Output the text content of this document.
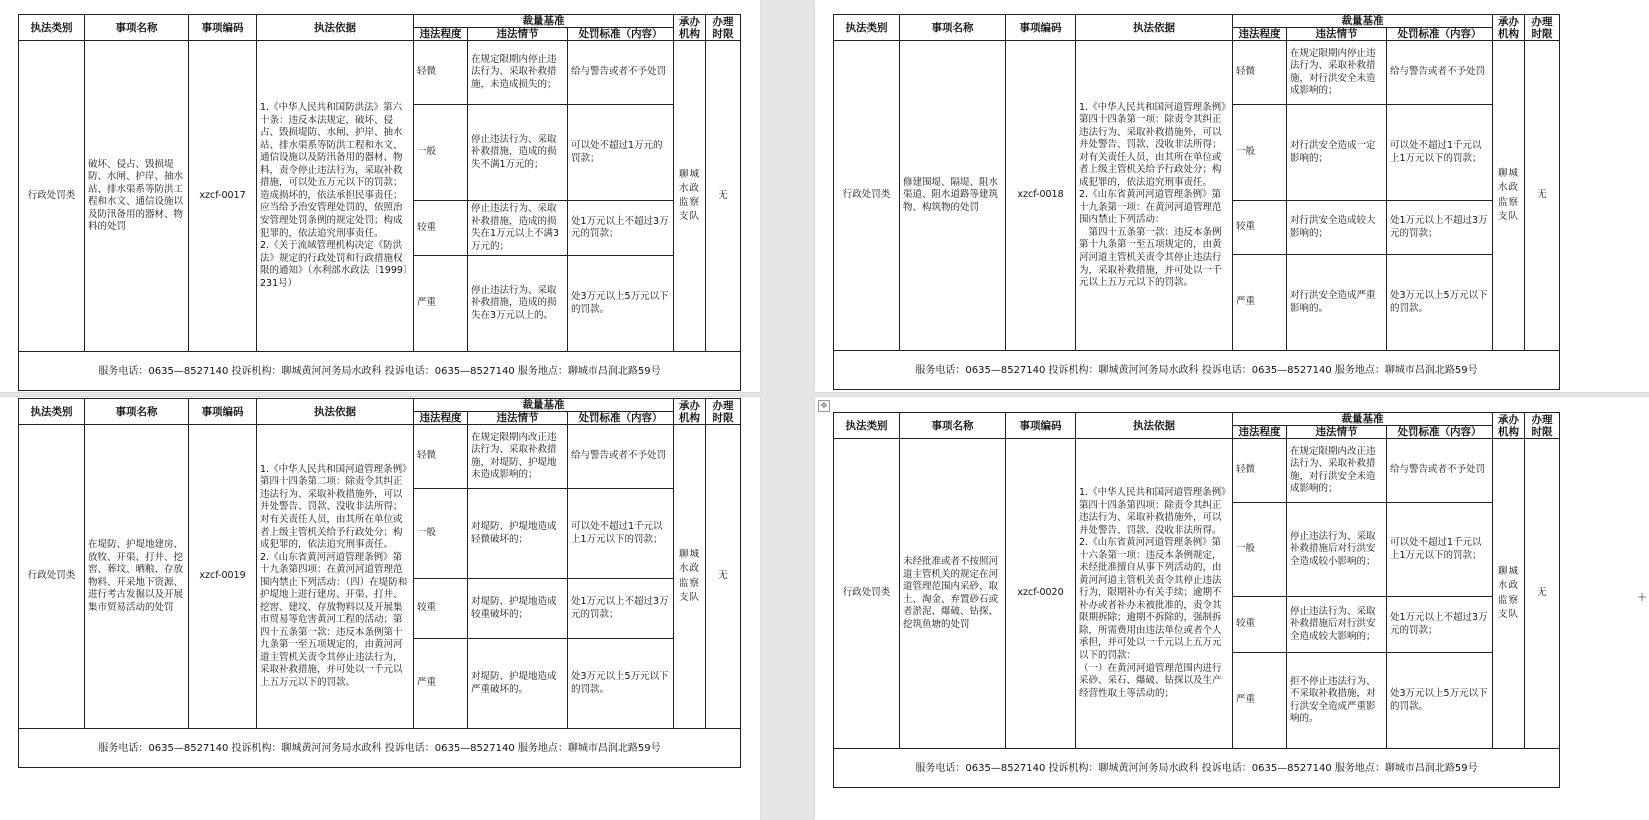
✥
+
执法类别	事项名称	事项编码	执法依据	裁量基准			承办机构	办理时限
				违法程度	违法情节	处罚标准（内容）		
行政处罚类	破坏、侵占、毁损堤防、水闸、护岸、抽水站、排水渠系等防洪工程和水文、通信设施以及防汛备用的器材、物料的处罚	xzcf-0017	1.《中华人民共和国防洪法》第六十条：违反本法规定，破坏、侵占、毁损堤防、水闸、护岸、抽水站、排水渠系等防洪工程和水文、通信设施以及防汛备用的器材、物料，责令停止违法行为，采取补救措施，可以处五万元以下的罚款；造成损坏的，依法承担民事责任；应当给予治安管理处罚的，依照治安管理处罚条例的规定处罚；构成犯罪的，依法追究刑事责任。

2.《关于流域管理机构决定《防洪法》规定的行政处罚和行政措施权限的通知》（水利部水政法〔1999〕231号）	轻微	在规定限期内停止违法行为、采取补救措施，未造成损失的；	给与警告或者不予处罚	聊城水政监察支队	无
				一般	停止违法行为、采取补救措施，造成的损失不满1万元的；	可以处不超过1万元的罚款；		
				较重	停止违法行为、采取补救措施，造成的损失在1万元以上不满3万元的；	处1万元以上不超过3万元的罚款；		
				严重	停止违法行为、采取补救措施，造成的损失在3万元以上的。	处3万元以上5万元以下的罚款。		
服务电话：0635—8527140 投诉机构：聊城黄河河务局水政科 投诉电话：0635—8527140 服务地点：聊城市昌润北路59号								
执法类别	事项名称	事项编码	执法依据	裁量基准			承办机构	办理时限
				违法程度	违法情节	处罚标准（内容）		
行政处罚类	修建围堤、隔堤、阻水渠道、阻水道路等建筑物、构筑物的处罚	xzcf-0018	1.《中华人民共和国河道管理条例》第四十四条第一项：除责令其纠正违法行为、采取补救措施外，可以并处警告、罚款、没收非法所得；对有关责任人员，由其所在单位或者上级主管机关给予行政处分；构成犯罪的，依法追究刑事责任。

2.《山东省黄河河道管理条例》第十九条第一项：在黄河河道管理范围内禁止下列活动：

　第四十五条第一款：违反本条例第十九条第一至五项规定的，由黄河河道主管机关责令其停止违法行为，采取补救措施，并可处以一千元以上五万元以下的罚款。	轻微	在规定限期内停止违法行为、采取补救措施，对行洪安全未造成影响的；	给与警告或者不予处罚	聊城水政监察支队	无
				一般	对行洪安全造成一定影响的；	可以处不超过1千元以上1万元以下的罚款；		
				较重	对行洪安全造成较大影响的；	处1万元以上不超过3万元的罚款；		
				严重	对行洪安全造成严重影响的。	处3万元以上5万元以下的罚款。		
服务电话：0635—8527140 投诉机构：聊城黄河河务局水政科 投诉电话：0635—8527140 服务地点：聊城市昌润北路59号								
执法类别	事项名称	事项编码	执法依据	裁量基准			承办机构	办理时限
				违法程度	违法情节	处罚标准（内容）		
行政处罚类	在堤防、护堤地建房、放牧、开渠、打井、挖窖、葬坟、晒粮、存放物料、开采地下资源、进行考古发掘以及开展集市贸易活动的处罚	xzcf-0019	1.《中华人民共和国河道管理条例》第四十四条第二项：除责令其纠正违法行为、采取补救措施外，可以并处警告、罚款、没收非法所得；对有关责任人员，由其所在单位或者上级主管机关给予行政处分；构成犯罪的，依法追究刑事责任。

2.《山东省黄河河道管理条例》第十九条第四项：在黄河河道管理范围内禁止下列活动：（四）在堤防和护堤地上进行建房、开渠、打井、挖窖、建坟、存放物料以及开展集市贸易等危害黄河工程的活动；第四十五条第一款：违反本条例第十九条第一至五项规定的，由黄河河道主管机关责令其停止违法行为，采取补救措施，并可处以一千元以上五万元以下的罚款。	轻微	在规定限期内改正违法行为、采取补救措施，对堤防、护堤地未造成影响的；	给与警告或者不予处罚	聊城水政监察支队	无
				一般	对堤防、护堤地造成轻微破坏的；	可以处不超过1千元以上1万元以下的罚款；		
				较重	对堤防、护堤地造成较重破坏的；	处1万元以上不超过3万元的罚款；		
				严重	对堤防、护堤地造成严重破坏的。	处3万元以上5万元以下的罚款。		
服务电话：0635—8527140 投诉机构：聊城黄河河务局水政科 投诉电话：0635—8527140 服务地点：聊城市昌润北路59号								
执法类别	事项名称	事项编码	执法依据	裁量基准			承办机构	办理时限
				违法程度	违法情节	处罚标准（内容）		
行政处罚类	未经批准或者不按照河道主管机关的规定在河道管理范围内采砂、取土、淘金、弃置砂石或者淤泥、爆破、钻探、挖筑鱼塘的处罚	xzcf-0020	1.《中华人民共和国河道管理条例》第四十四条第四项：除责令其纠正违法行为、采取补救措施外，可以并处警告、罚款、没收非法所得。

2.《山东省黄河河道管理条例》第十六条第一项：违反本条例规定，未经批准擅自从事下列活动的，由黄河河道主管机关责令其停止违法行为，限期补办有关手续；逾期不补办或者补办未被批准的，责令其限期拆除；逾期不拆除的，强制拆除，所需费用由违法单位或者个人承担，并可处以一千元以上五万元以下的罚款：

（一）在黄河河道管理范围内进行采砂、采石、爆破、钻探以及生产经营性取土等活动的；	轻微	在规定限期内改正违法行为、采取补救措施，对行洪安全未造成影响的；	给与警告或者不予处罚	聊城水政监察支队	无
				一般	停止违法行为、采取补救措施后对行洪安全造成较小影响的；	可以处不超过1千元以上1万元以下的罚款；		
				较重	停止违法行为、采取补救措施后对行洪安全造成较大影响的；	处1万元以上不超过3万元的罚款；		
				严重	拒不停止违法行为、不采取补救措施，对行洪安全造成严重影响的。	处3万元以上5万元以下的罚款。		
服务电话：0635—8527140 投诉机构：聊城黄河河务局水政科 投诉电话：0635—8527140 服务地点：聊城市昌润北路59号								
